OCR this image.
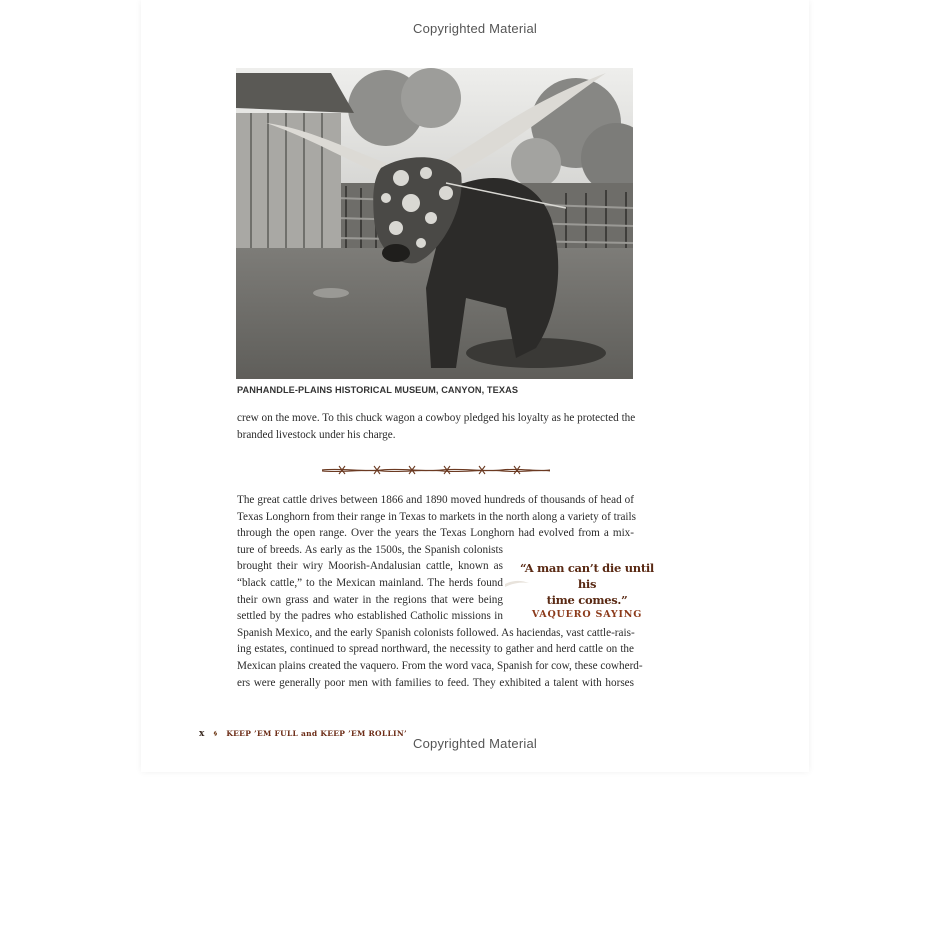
Copyrighted Material
PANHANDLE-PLAINS HISTORICAL MUSEUM, CANYON, TEXAS
crew on the move. To this chuck wagon a cowboy pledged his loyalty as he protected the
branded livestock under his charge.
The great cattle drives between 1866 and 1890 moved hundreds of thousands of head of
Texas Longhorn from their range in Texas to markets in the north along a variety of trails
through the open range. Over the years the Texas Longhorn had evolved from a mix-
ture of breeds. As early as the 1500s, the Spanish colonists
brought their wiry Moorish-Andalusian cattle, known as
“black cattle,” to the Mexican mainland. The herds found
their own grass and water in the regions that were being
settled by the padres who established Catholic missions in
Spanish Mexico, and the early Spanish colonists followed. As haciendas, vast cattle-rais-
ing estates, continued to spread northward, the necessity to gather and herd cattle on the
Mexican plains created the vaquero. From the word vaca, Spanish for cow, these cowherd-
ers were generally poor men with families to feed. They exhibited a talent with horses
“A man can’t die until his
time comes.”
VAQUERO SAYING
x 🌀︎ KEEP ’EM FULL and KEEP ’EM ROLLIN’
Copyrighted Material
